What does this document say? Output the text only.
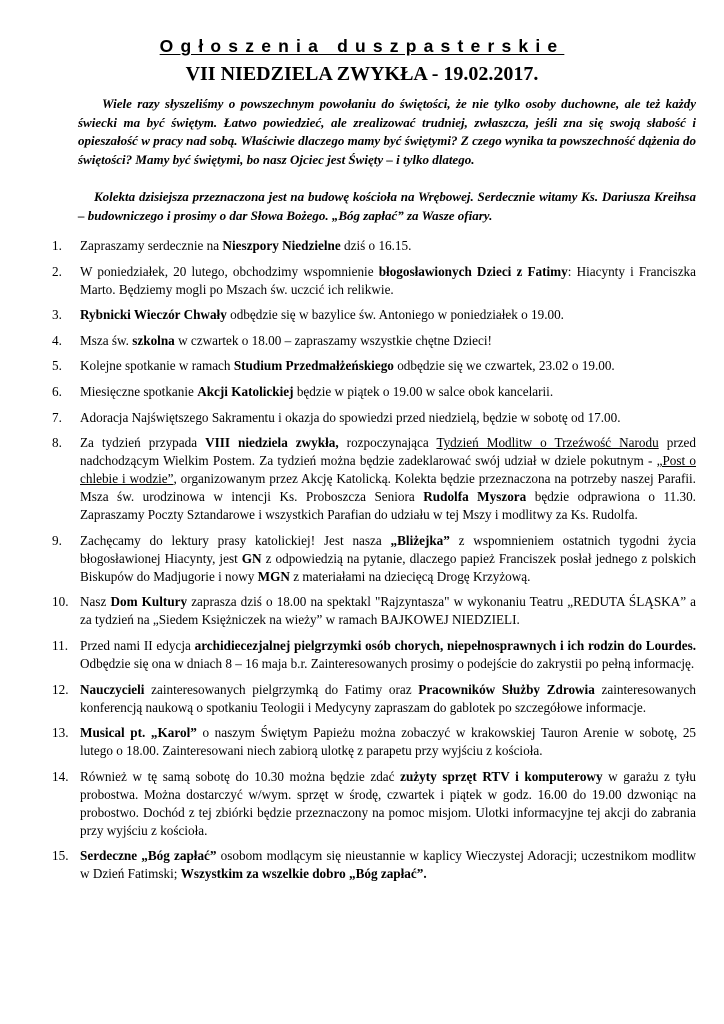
Ogłoszenia duszpasterskie
VII NIEDZIELA ZWYKŁA - 19.02.2017.

Wiele razy słyszeliśmy o powszechnym powołaniu do świętości, że nie tylko osoby duchowne, ale też każdy świecki ma być świętym. Łatwo powiedzieć, ale zrealizować trudniej, zwłaszcza, jeśli zna się swoją słabość i opieszałość w pracy nad sobą. Właściwie dlaczego mamy być świętymi? Z czego wynika ta powszechność dążenia do świętości? Mamy być świętymi, bo nasz Ojciec jest Święty – i tylko dlatego.

Kolekta dzisiejsza przeznaczona jest na budowę kościoła na Wrębowej. Serdecznie witamy Ks. Dariusza Kreihsa – budowniczego i prosimy o dar Słowa Bożego. „Bóg zapłać” za Wasze ofiary.

1.	Zapraszamy serdecznie na Nieszpory Niedzielne dziś o 16.15.
2.	W poniedziałek, 20 lutego, obchodzimy wspomnienie błogosławionych Dzieci z Fatimy: Hiacynty i Franciszka Marto. Będziemy mogli po Mszach św. uczcić ich relikwie.
3.	Rybnicki Wieczór Chwały odbędzie się w bazylice św. Antoniego w poniedziałek o 19.00.
4.	Msza św. szkolna w czwartek o 18.00 – zapraszamy wszystkie chętne Dzieci!
5.	Kolejne spotkanie w ramach Studium Przedmałżeńskiego odbędzie się we czwartek, 23.02 o 19.00.
6.	Miesięczne spotkanie Akcji Katolickiej będzie w piątek o 19.00 w salce obok kancelarii.
7.	Adoracja Najświętszego Sakramentu i okazja do spowiedzi przed niedzielą, będzie w sobotę od 17.00.
8.	Za tydzień przypada VIII niedziela zwykła, rozpoczynająca Tydzień Modlitw o Trzeźwość Narodu przed nadchodzącym Wielkim Postem. Za tydzień można będzie zadeklarować swój udział w dziele pokutnym - „Post o chlebie i wodzie”, organizowanym przez Akcję Katolicką. Kolekta będzie przeznaczona na potrzeby naszej Parafii. Msza św. urodzinowa w intencji Ks. Proboszcza Seniora Rudolfa Myszora będzie odprawiona o 11.30. Zapraszamy Poczty Sztandarowe i wszystkich Parafian do udziału w tej Mszy i modlitwy za Ks. Rudolfa.
9.	Zachęcamy do lektury prasy katolickiej! Jest nasza „Bliżejka” z wspomnieniem ostatnich tygodni życia błogosławionej Hiacynty, jest GN z odpowiedzią na pytanie, dlaczego papież Franciszek posłał jednego z polskich Biskupów do Madjugorie i nowy MGN z materiałami na dziecięcą Drogę Krzyżową.
10. Nasz Dom Kultury zaprasza dziś o 18.00 na spektakl "Rajzyntasza" w wykonaniu Teatru „REDUTA ŚLĄSKA” a za tydzień na „Siedem Księżniczek na wieży” w ramach BAJKOWEJ NIEDZIELI.
11. Przed nami II edycja archidiecezjalnej pielgrzymki osób chorych, niepełnosprawnych i ich rodzin do Lourdes. Odbędzie się ona w dniach 8 – 16 maja b.r. Zainteresowanych prosimy o podejście do zakrystii po pełną informację.
12. Nauczycieli zainteresowanych pielgrzymką do Fatimy oraz Pracowników Służby Zdrowia zainteresowanych konferencją naukową o spotkaniu Teologii i Medycyny zapraszam do gablotek po szczegółowe informacje.
13. Musical pt. „Karol” o naszym Świętym Papieżu można zobaczyć w krakowskiej Tauron Arenie w sobotę, 25 lutego o 18.00. Zainteresowani niech zabiorą ulotkę z parapetu przy wyjściu z kościoła.
14. Również w tę samą sobotę do 10.30 można będzie zdać zużyty sprzęt RTV i komputerowy w garażu z tyłu probostwa. Można dostarczyć w/wym. sprzęt w środę, czwartek i piątek w godz. 16.00 do 19.00 dzwoniąc na probostwo. Dochód z tej zbiórki będzie przeznaczony na pomoc misjom. Ulotki informacyjne tej akcji do zabrania przy wyjściu z kościoła.
15. Serdeczne „Bóg zapłać” osobom modlącym się nieustannie w kaplicy Wieczystej Adoracji; uczestnikom modlitw w Dzień Fatimski; Wszystkim za wszelkie dobro „Bóg zapłać”.
